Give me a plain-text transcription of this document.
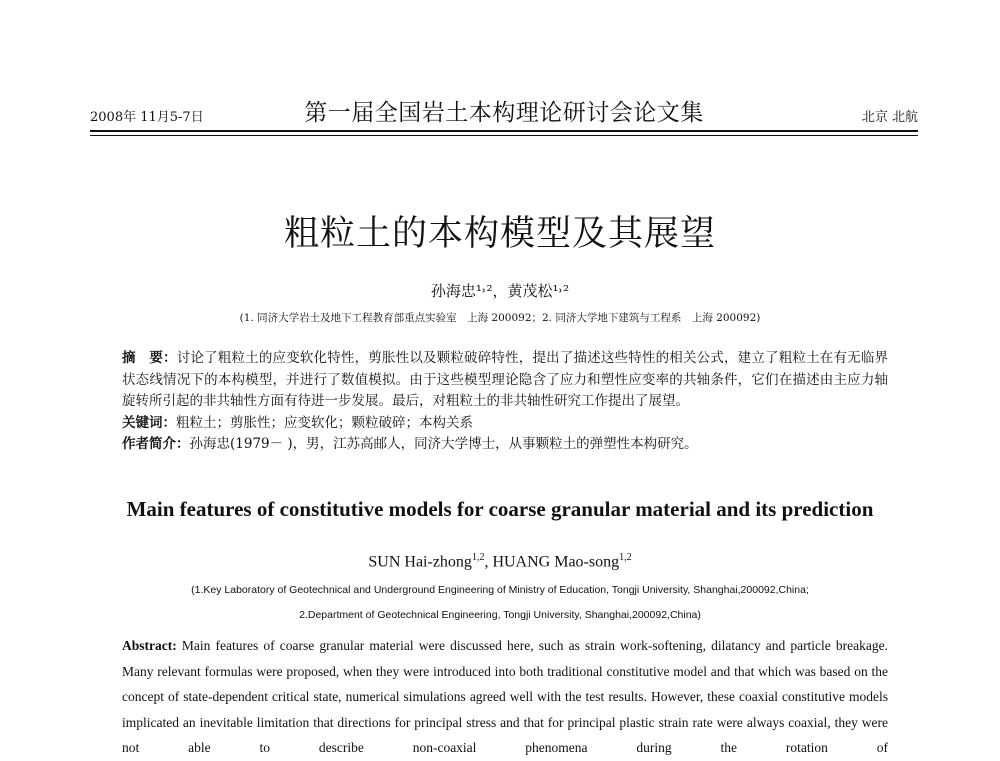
2008年 11月5-7日	第一届全国岩土本构理论研讨会论文集	北京 北航
粗粒土的本构模型及其展望
孙海忠¹˒²，黄茂松¹˒²
(1. 同济大学岩土及地下工程教育部重点实验室　上海 200092；2. 同济大学地下建筑与工程系　上海 200092)

摘　要：讨论了粗粒土的应变软化特性，剪胀性以及颗粒破碎特性，提出了描述这些特性的相关公式，建立了粗粒土在有无临界状态线情况下的本构模型，并进行了数值模拟。由于这些模型理论隐含了应力和塑性应变率的共轴条件，它们在描述由主应力轴旋转所引起的非共轴性方面有待进一步发展。最后，对粗粒土的非共轴性研究工作提出了展望。

关键词：粗粒土；剪胀性；应变软化；颗粒破碎；本构关系

作者简介：孙海忠(1979－ )，男，江苏高邮人，同济大学博士，从事颗粒土的弹塑性本构研究。

Main features of constitutive models for coarse granular material and its prediction
SUN Hai-zhong$^{1,2}$, HUANG Mao-song$^{1,2}$
(1.Key Laboratory of Geotechnical and Underground Engineering of Ministry of Education, Tongji University, Shanghai,200092,China;
2.Department of Geotechnical Engineering, Tongji University, Shanghai,200092,China)
Abstract: Main features of coarse granular material were discussed here, such as strain work-softening, dilatancy and particle breakage. Many relevant formulas were proposed, when they were introduced into both traditional constitutive model and that which was based on the concept of state-dependent critical state, numerical simulations agreed well with the test results. However, these coaxial constitutive models implicated an inevitable limitation that directions for principal stress and that for principal plastic strain rate were always coaxial, they were not able to describe non-coaxial phenomena during the rotation of
